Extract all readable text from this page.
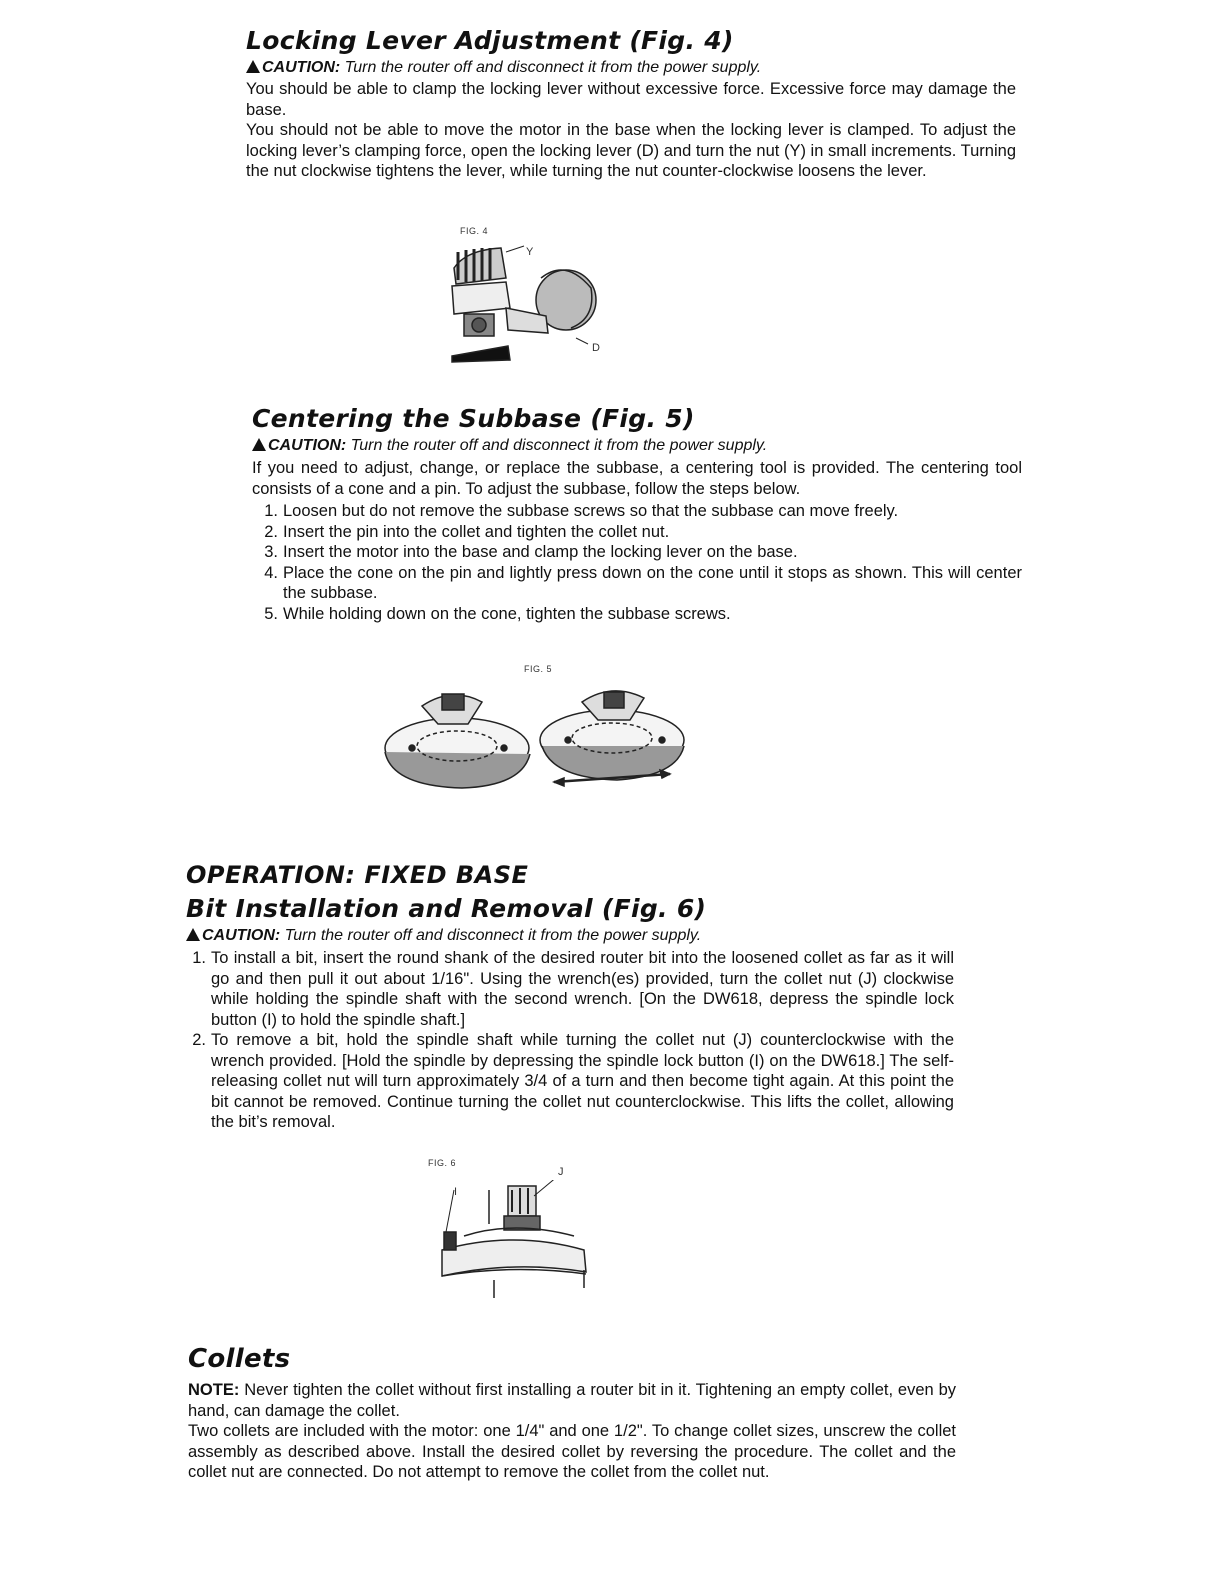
Locking Lever Adjustment (Fig. 4)
CAUTION: Turn the router off and disconnect it from the power supply.

You should be able to clamp the locking lever without excessive force. Excessive force may damage the base.

You should not be able to move the motor in the base when the locking lever is clamped. To adjust the locking lever’s clamping force, open the locking lever (D) and turn the nut (Y) in small increments. Turning the nut clockwise tightens the lever, while turning the nut counter-clockwise loosens the lever.

FIG. 4
Y
D
Centering the Subbase (Fig. 5)
CAUTION: Turn the router off and disconnect it from the power supply.

If you need to adjust, change, or replace the subbase, a centering tool is provided. The centering tool consists of a cone and a pin. To adjust the subbase, follow the steps below.

1. Loosen but do not remove the subbase screws so that the subbase can move freely.
2. Insert the pin into the collet and tighten the collet nut.
3. Insert the motor into the base and clamp the locking lever on the base.
4. Place the cone on the pin and lightly press down on the cone until it stops as shown. This will center the subbase.
5. While holding down on the cone, tighten the subbase screws.
FIG. 5
OPERATION: FIXED BASE
Bit Installation and Removal (Fig. 6)
CAUTION: Turn the router off and disconnect it from the power supply.
1. To install a bit, insert the round shank of the desired router bit into the loosened collet as far as it will go and then pull it out about 1/16". Using the wrench(es) provided, turn the collet nut (J) clockwise while holding the spindle shaft with the second wrench. [On the DW618, depress the spindle lock button (I) to hold the spindle shaft.]
2. To remove a bit, hold the spindle shaft while turning the collet nut (J) counterclockwise with the wrench provided. [Hold the spindle by depressing the spindle lock button (I) on the DW618.] The self-releasing collet nut will turn approximately 3/4 of a turn and then become tight again. At this point the bit cannot be removed. Continue turning the collet nut counterclockwise. This lifts the collet, allowing the bit’s removal.
FIG. 6
J
I
Collets

NOTE: Never tighten the collet without first installing a router bit in it. Tightening an empty collet, even by hand, can damage the collet.

Two collets are included with the motor: one 1/4" and one 1/2". To change collet sizes, unscrew the collet assembly as described above. Install the desired collet by reversing the procedure. The collet and the collet nut are connected. Do not attempt to remove the collet from the collet nut.
